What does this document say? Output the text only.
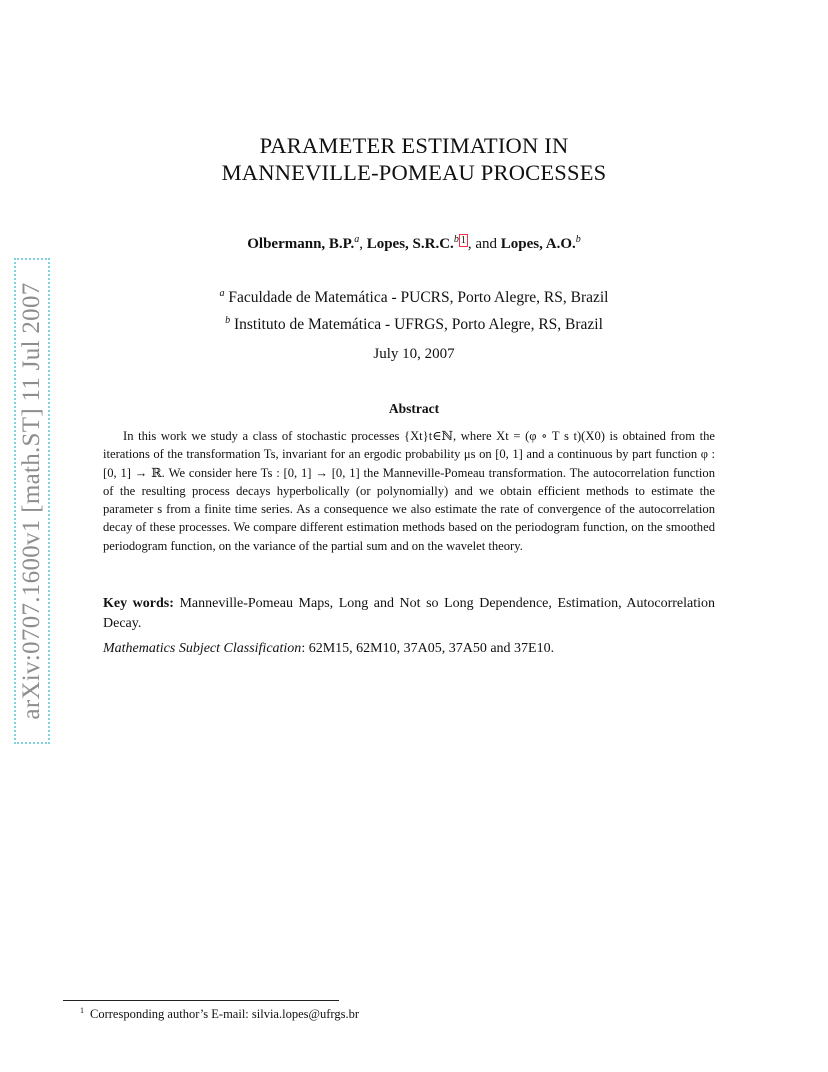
arXiv:0707.1600v1 [math.ST] 11 Jul 2007
PARAMETER ESTIMATION IN
MANNEVILLE-POMEAU PROCESSES
Olbermann, B.P.$^a$, Lopes, S.R.C.$^b$ 1 , and Lopes, A.O.$^b$
$^a$ Faculdade de Matemática - PUCRS, Porto Alegre, RS, Brazil
$^b$ Instituto de Matemática - UFRGS, Porto Alegre, RS, Brazil
July 10, 2007
Abstract

In this work we study a class of stochastic processes {Xt}t∈ℕ, where Xt = (φ ∘ T s t)(X0) is obtained from the iterations of the transformation Ts, invariant for an ergodic probability μs on [0, 1] and a continuous by part function φ : [0, 1] → ℝ. We consider here Ts : [0, 1] → [0, 1] the Manneville-Pomeau transformation. The autocorrelation function of the resulting process decays hyperbolically (or polynomially) and we obtain efficient methods to estimate the parameter s from a finite time series. As a consequence we also estimate the rate of convergence of the autocorrelation decay of these processes. We compare different estimation methods based on the periodogram function, on the smoothed periodogram function, on the variance of the partial sum and on the wavelet theory.

Key words: Manneville-Pomeau Maps, Long and Not so Long Dependence, Estimation, Autocorrelation Decay.

Mathematics Subject Classification: 62M15, 62M10, 37A05, 37A50 and 37E10.

$^1$ Corresponding author’s E-mail: silvia.lopes@ufrgs.br
